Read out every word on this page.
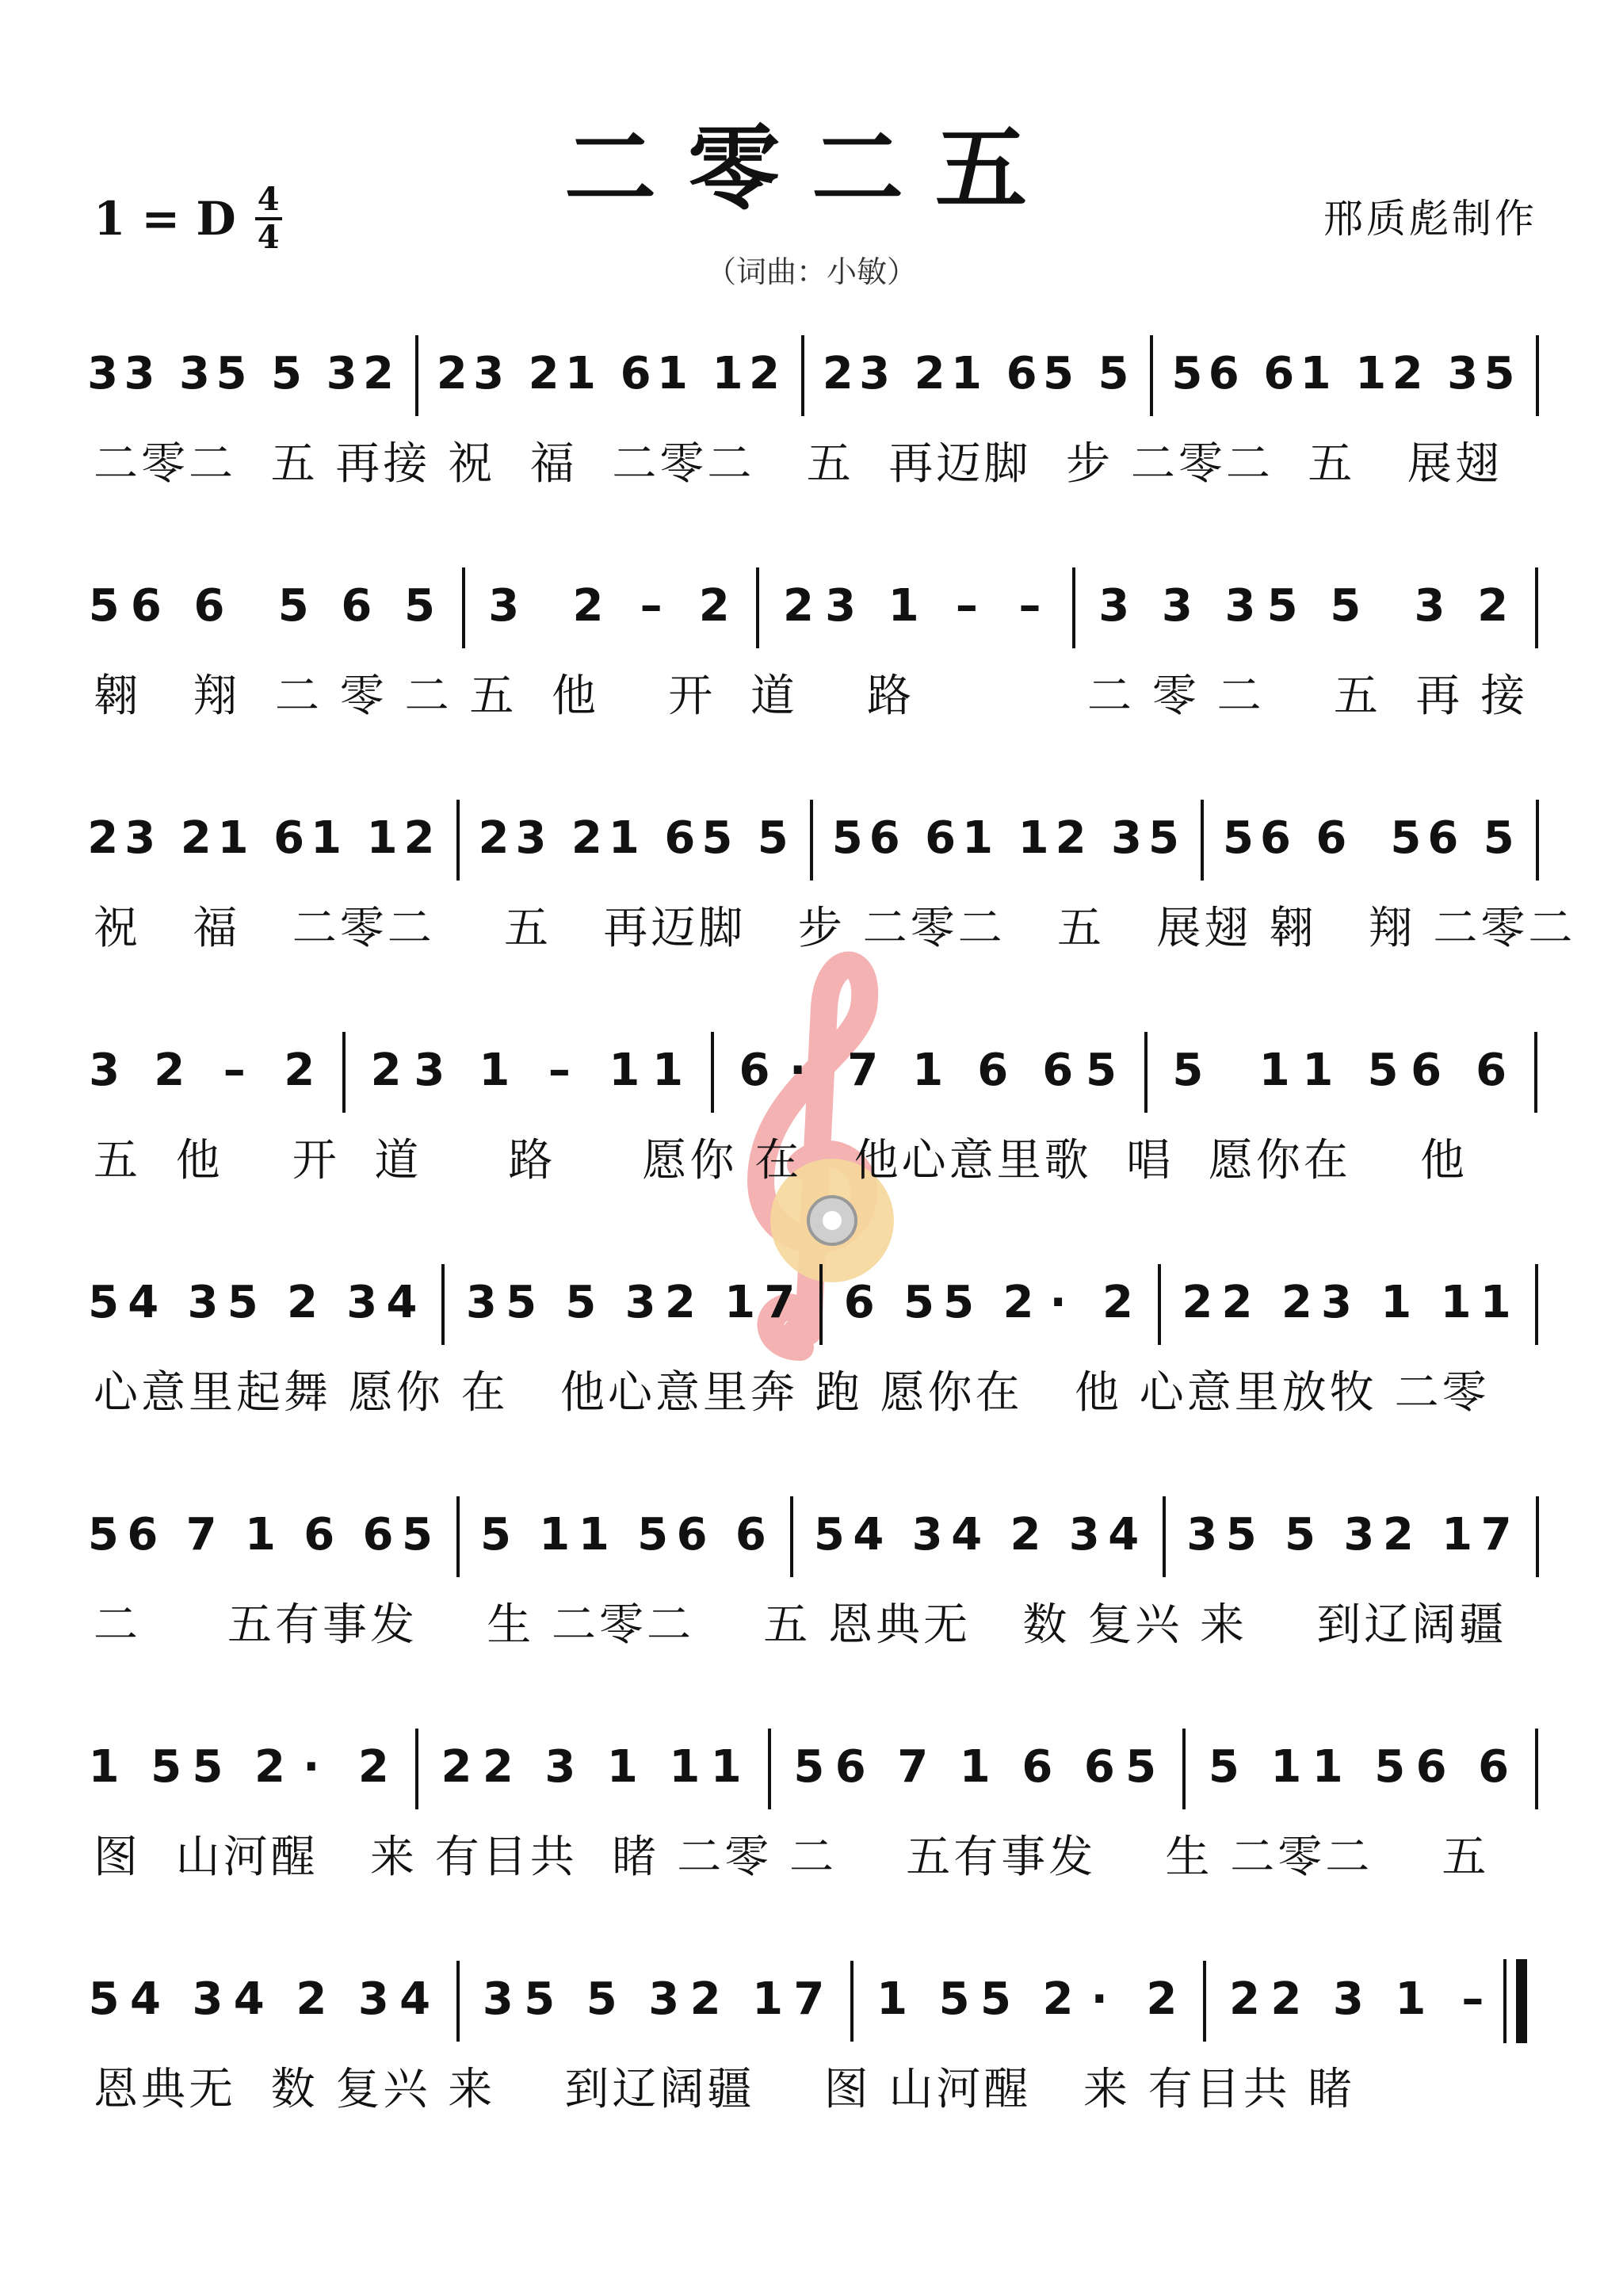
二零二五
1 = D 4
4	邢质彪制作
（词曲：小敏）
3 3 3 5 5 3 2 2 3 2 1 6 1 1 2 2 3 2 1 6 5 5 5 6 6 1 1 2 3 5
二零二  五 再接 祝  福  二零二   五  再迈脚  步 二零二  五   展翅
5 6 6 5 6 5 3 2 – 2 2 3 1 – – 3 3 3 5 5 3 2
翱   翔  二 零 二 五  他    开  道    路          二 零 二    五  再 接
2 3 2 1 6 1 1 2 2 3 2 1 6 5 5 5 6 6 1 1 2 3 5 5 6 6 5 6 5
祝   福   二零二    五   再迈脚   步 二零二   五   展翅 翱   翔 二零二
3 2 – 2 2 3 1 – 1 1 6 · 7 1 6 6 5 5 1 1 5 6 6
五  他    开  道     路     愿你 在   他心意里歌  唱  愿你在    他
5 4 3 5 2 3 4 3 5 5 3 2 1 7 6 5 5 2 · 2 2 2 2 3 1 1 1
心意里起舞 愿你 在   他心意里奔 跑 愿你在   他 心意里放牧 二零
5 6 7 1 6 6 5 5 1 1 5 6 6 5 4 3 4 2 3 4 3 5 5 3 2 1 7
二     五有事发    生 二零二    五 恩典无   数 复兴 来    到辽阔疆
1 5 5 2 · 2 2 2 3 1 1 1 5 6 7 1 6 6 5 5 1 1 5 6 6
图  山河醒   来 有目共  睹 二零 二    五有事发    生 二零二    五
5 4 3 4 2 3 4 3 5 5 3 2 1 7 1 5 5 2 · 2 2 2 3 1 –
恩典无  数 复兴 来    到辽阔疆    图 山河醒   来 有目共 睹
